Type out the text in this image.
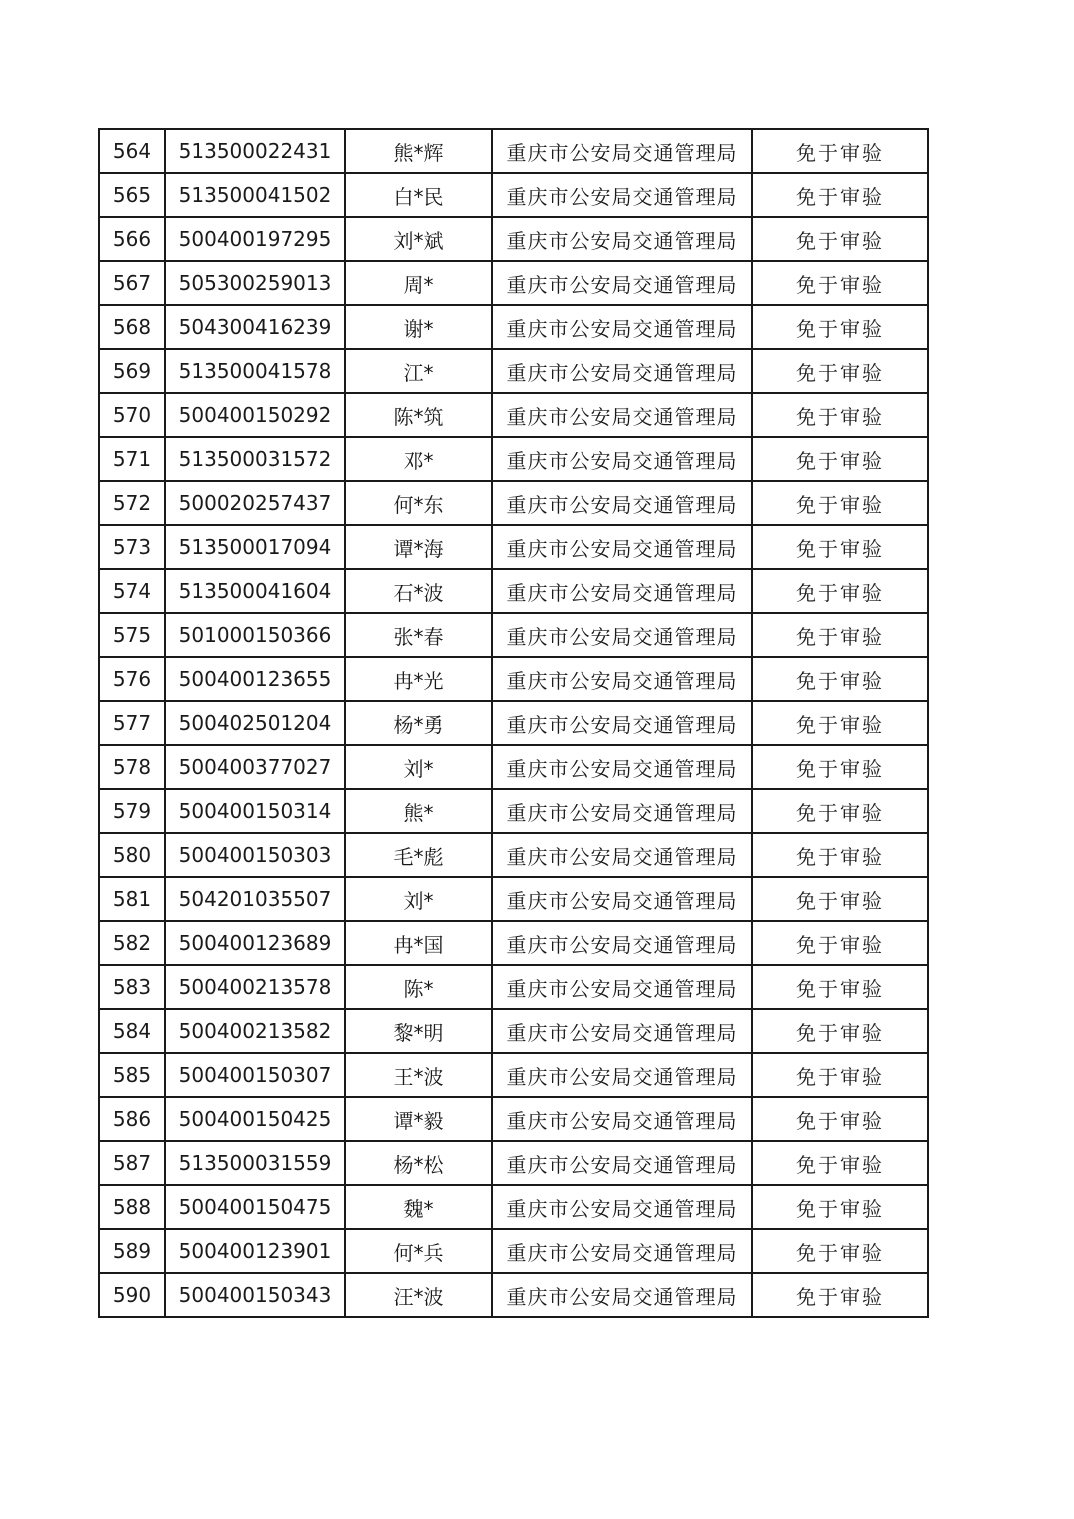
564	513500022431	熊*辉	重庆市公安局交通管理局	免于审验
565	513500041502	白*民	重庆市公安局交通管理局	免于审验
566	500400197295	刘*斌	重庆市公安局交通管理局	免于审验
567	505300259013	周*	重庆市公安局交通管理局	免于审验
568	504300416239	谢*	重庆市公安局交通管理局	免于审验
569	513500041578	江*	重庆市公安局交通管理局	免于审验
570	500400150292	陈*筑	重庆市公安局交通管理局	免于审验
571	513500031572	邓*	重庆市公安局交通管理局	免于审验
572	500020257437	何*东	重庆市公安局交通管理局	免于审验
573	513500017094	谭*海	重庆市公安局交通管理局	免于审验
574	513500041604	石*波	重庆市公安局交通管理局	免于审验
575	501000150366	张*春	重庆市公安局交通管理局	免于审验
576	500400123655	冉*光	重庆市公安局交通管理局	免于审验
577	500402501204	杨*勇	重庆市公安局交通管理局	免于审验
578	500400377027	刘*	重庆市公安局交通管理局	免于审验
579	500400150314	熊*	重庆市公安局交通管理局	免于审验
580	500400150303	毛*彪	重庆市公安局交通管理局	免于审验
581	504201035507	刘*	重庆市公安局交通管理局	免于审验
582	500400123689	冉*国	重庆市公安局交通管理局	免于审验
583	500400213578	陈*	重庆市公安局交通管理局	免于审验
584	500400213582	黎*明	重庆市公安局交通管理局	免于审验
585	500400150307	王*波	重庆市公安局交通管理局	免于审验
586	500400150425	谭*毅	重庆市公安局交通管理局	免于审验
587	513500031559	杨*松	重庆市公安局交通管理局	免于审验
588	500400150475	魏*	重庆市公安局交通管理局	免于审验
589	500400123901	何*兵	重庆市公安局交通管理局	免于审验
590	500400150343	汪*波	重庆市公安局交通管理局	免于审验
